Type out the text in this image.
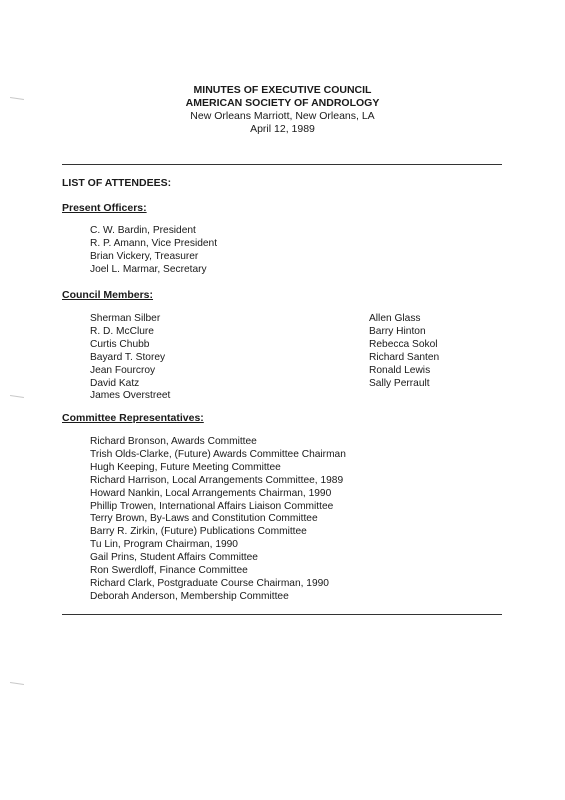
MINUTES OF EXECUTIVE COUNCIL
AMERICAN SOCIETY OF ANDROLOGY
New Orleans Marriott, New Orleans, LA
April 12, 1989
LIST OF ATTENDEES:
Present Officers:
C. W. Bardin, President
R. P. Amann, Vice President
Brian Vickery, Treasurer
Joel L. Marmar, Secretary
Council Members:
Sherman Silber
R. D. McClure
Curtis Chubb
Bayard T. Storey
Jean Fourcroy
David Katz
James Overstreet
Allen Glass
Barry Hinton
Rebecca Sokol
Richard Santen
Ronald Lewis
Sally Perrault
Committee Representatives:
Richard Bronson, Awards Committee
Trish Olds-Clarke, (Future) Awards Committee Chairman
Hugh Keeping, Future Meeting Committee
Richard Harrison, Local Arrangements Committee, 1989
Howard Nankin, Local Arrangements Chairman, 1990
Phillip Trowen, International Affairs Liaison Committee
Terry Brown, By-Laws and Constitution Committee
Barry R. Zirkin, (Future) Publications Committee
Tu Lin, Program Chairman, 1990
Gail Prins, Student Affairs Committee
Ron Swerdloff, Finance Committee
Richard Clark, Postgraduate Course Chairman, 1990
Deborah Anderson, Membership Committee
